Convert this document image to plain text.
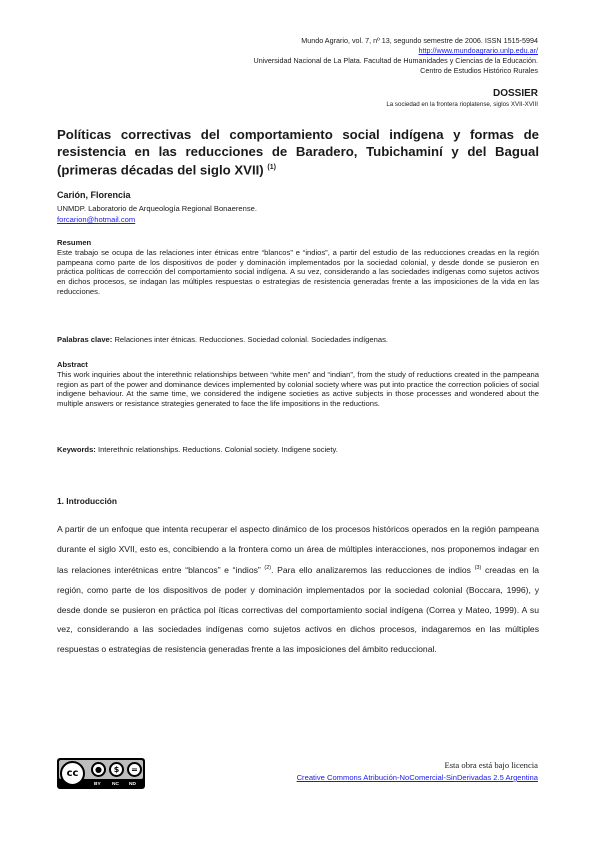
Mundo Agrario, vol. 7, nº 13, segundo semestre de 2006. ISSN 1515-5994
http://www.mundoagrario.unlp.edu.ar/
Universidad Nacional de La Plata. Facultad de Humanidades y Ciencias de la Educación.
Centro de Estudios Histórico Rurales
DOSSIER
La sociedad en la frontera rioplatense, siglos XVII-XVIII
Políticas correctivas del comportamiento social indígena y formas de resistencia en las reducciones de Baradero, Tubichaminí y del Bagual (primeras décadas del siglo XVII) $^{(1)}$
Carión, Florencia
UNMDP. Laboratorio de Arqueología Regional Bonaerense.
forcarion@hotmail.com
Resumen
Este trabajo se ocupa de las relaciones inter étnicas entre “blancos” e “indios”, a partir del estudio de las reducciones creadas en la región pampeana como parte de los dispositivos de poder y dominación implementados por la sociedad colonial, y desde donde se pusieron en práctica políticas de corrección del comportamiento social indígena. A su vez, considerando a las sociedades indígenas como sujetos activos en dichos procesos, se indagan las múltiples respuestas o estrategias de resistencia generadas frente a las imposiciones de la vida en las reducciones.
Palabras clave: Relaciones inter étnicas. Reducciones. Sociedad colonial. Sociedades indígenas.
Abstract
This work inquiries about the interethnic relationships between “white men” and “indian”, from the study of reductions created in the pampeana region as part of the power and dominance devices implemented by colonial society where was put into practice the correction policies of social indigene behaviour. At the same time, we considered the indigene societies as active subjects in those processes and wondered about the multiple answers or resistance strategies generated to face the life impositions in the reductions.
Keywords: Interethnic relationships. Reductions. Colonial society. Indigene society.
1. Introducción
A partir de un enfoque que intenta recuperar el aspecto dinámico de los procesos históricos operados en la región pampeana durante el siglo XVII, esto es, concibiendo a la frontera como un área de múltiples interacciones, nos proponemos indagar en las relaciones interétnicas entre “blancos” e “indios” $^{(2)}$. Para ello analizaremos las reducciones de indios $^{(3)}$ creadas en la región, como parte de los dispositivos de poder y dominación implementados por la sociedad colonial (Boccara, 1996), y desde donde se pusieron en práctica pol íticas correctivas del comportamiento social indígena (Correa y Mateo, 1999). A su vez, considerando a las sociedades indígenas como sujetos activos en dichos procesos, indagaremos en las múltiples respuestas o estrategias de resistencia generadas frente a las imposiciones del ámbito reduccional.
cc	●	$	=
BY NC ND
Esta obra está bajo licencia
Creative Commons Atribución-NoComercial-SinDerivadas 2.5 Argentina
